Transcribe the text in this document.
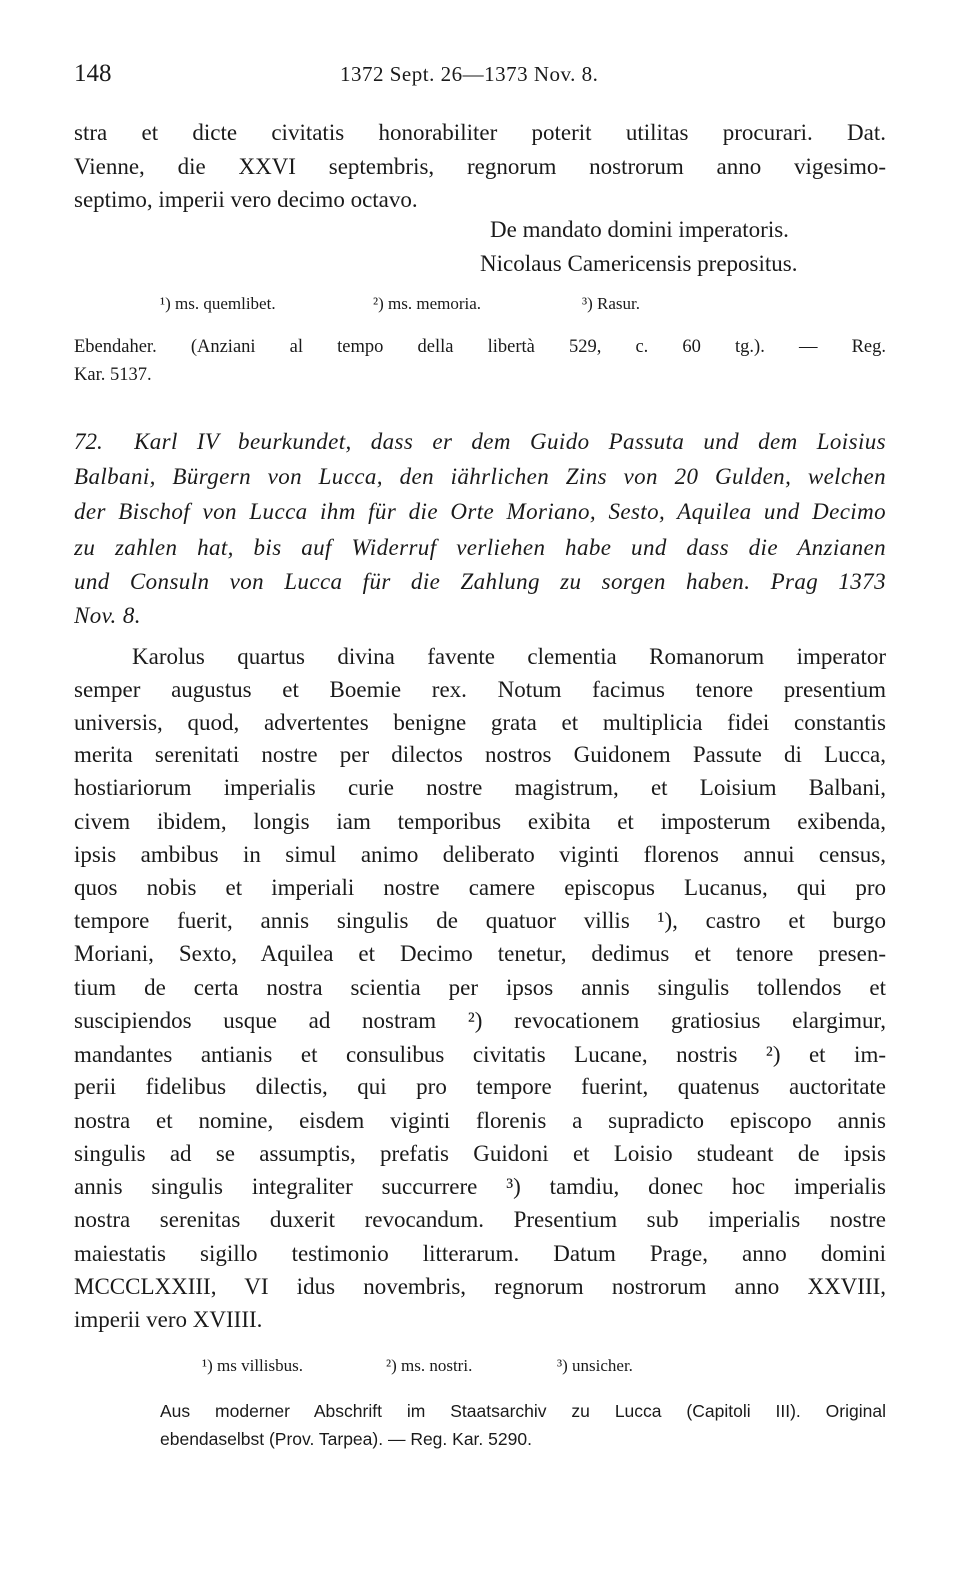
148	1372 Sept. 26—1373 Nov. 8.
stra et dicte civitatis honorabiliter poterit utilitas procurari. Dat.
Vienne, die XXVI septembris, regnorum nostrorum anno vigesimo-
septimo, imperii vero decimo octavo.
De mandato domini imperatoris.
Nicolaus Camericensis prepositus.
¹) ms. quemlibet.	²) ms. memoria.	³) Rasur.
Ebendaher. (Anziani al tempo della libertà 529, c. 60 tg.). — Reg.
Kar. 5137.
Karl IV beurkundet, dass er dem Guido Passuta und dem Loisius
72.
Balbani, Bürgern von Lucca, den iährlichen Zins von 20 Gulden, welchen
der Bischof von Lucca ihm für die Orte Moriano, Sesto, Aquilea und Decimo
zu zahlen hat, bis auf Widerruf verliehen habe und dass die Anzianen
und Consuln von Lucca für die Zahlung zu sorgen haben. Prag 1373
Nov. 8.
Karolus quartus divina favente clementia Romanorum imperator
semper augustus et Boemie rex. Notum facimus tenore presentium
universis, quod, advertentes benigne grata et multiplicia fidei constantis
merita serenitati nostre per dilectos nostros Guidonem Passute di Lucca,
hostiariorum imperialis curie nostre magistrum, et Loisium Balbani,
civem ibidem, longis iam temporibus exibita et imposterum exibenda,
ipsis ambibus in simul animo deliberato viginti florenos annui census,
quos nobis et imperiali nostre camere episcopus Lucanus, qui pro
tempore fuerit, annis singulis de quatuor villis ¹), castro et burgo
Moriani, Sexto, Aquilea et Decimo tenetur, dedimus et tenore presen-
tium de certa nostra scientia per ipsos annis singulis tollendos et
suscipiendos usque ad nostram ²) revocationem gratiosius elargimur,
mandantes antianis et consulibus civitatis Lucane, nostris ²) et im-
perii fidelibus dilectis, qui pro tempore fuerint, quatenus auctoritate
nostra et nomine, eisdem viginti florenis a supradicto episcopo annis
singulis ad se assumptis, prefatis Guidoni et Loisio studeant de ipsis
annis singulis integraliter succurrere ³) tamdiu, donec hoc imperialis
nostra serenitas duxerit revocandum. Presentium sub imperialis nostre
maiestatis sigillo testimonio litterarum. Datum Prage, anno domini
MCCCLXXIII, VI idus novembris, regnorum nostrorum anno XXVIII,
imperii vero XVIIII.
¹) ms villisbus.	²) ms. nostri.	³) unsicher.
Aus moderner Abschrift im Staatsarchiv zu Lucca (Capitoli III). Original
ebendaselbst (Prov. Tarpea). — Reg. Kar. 5290.
